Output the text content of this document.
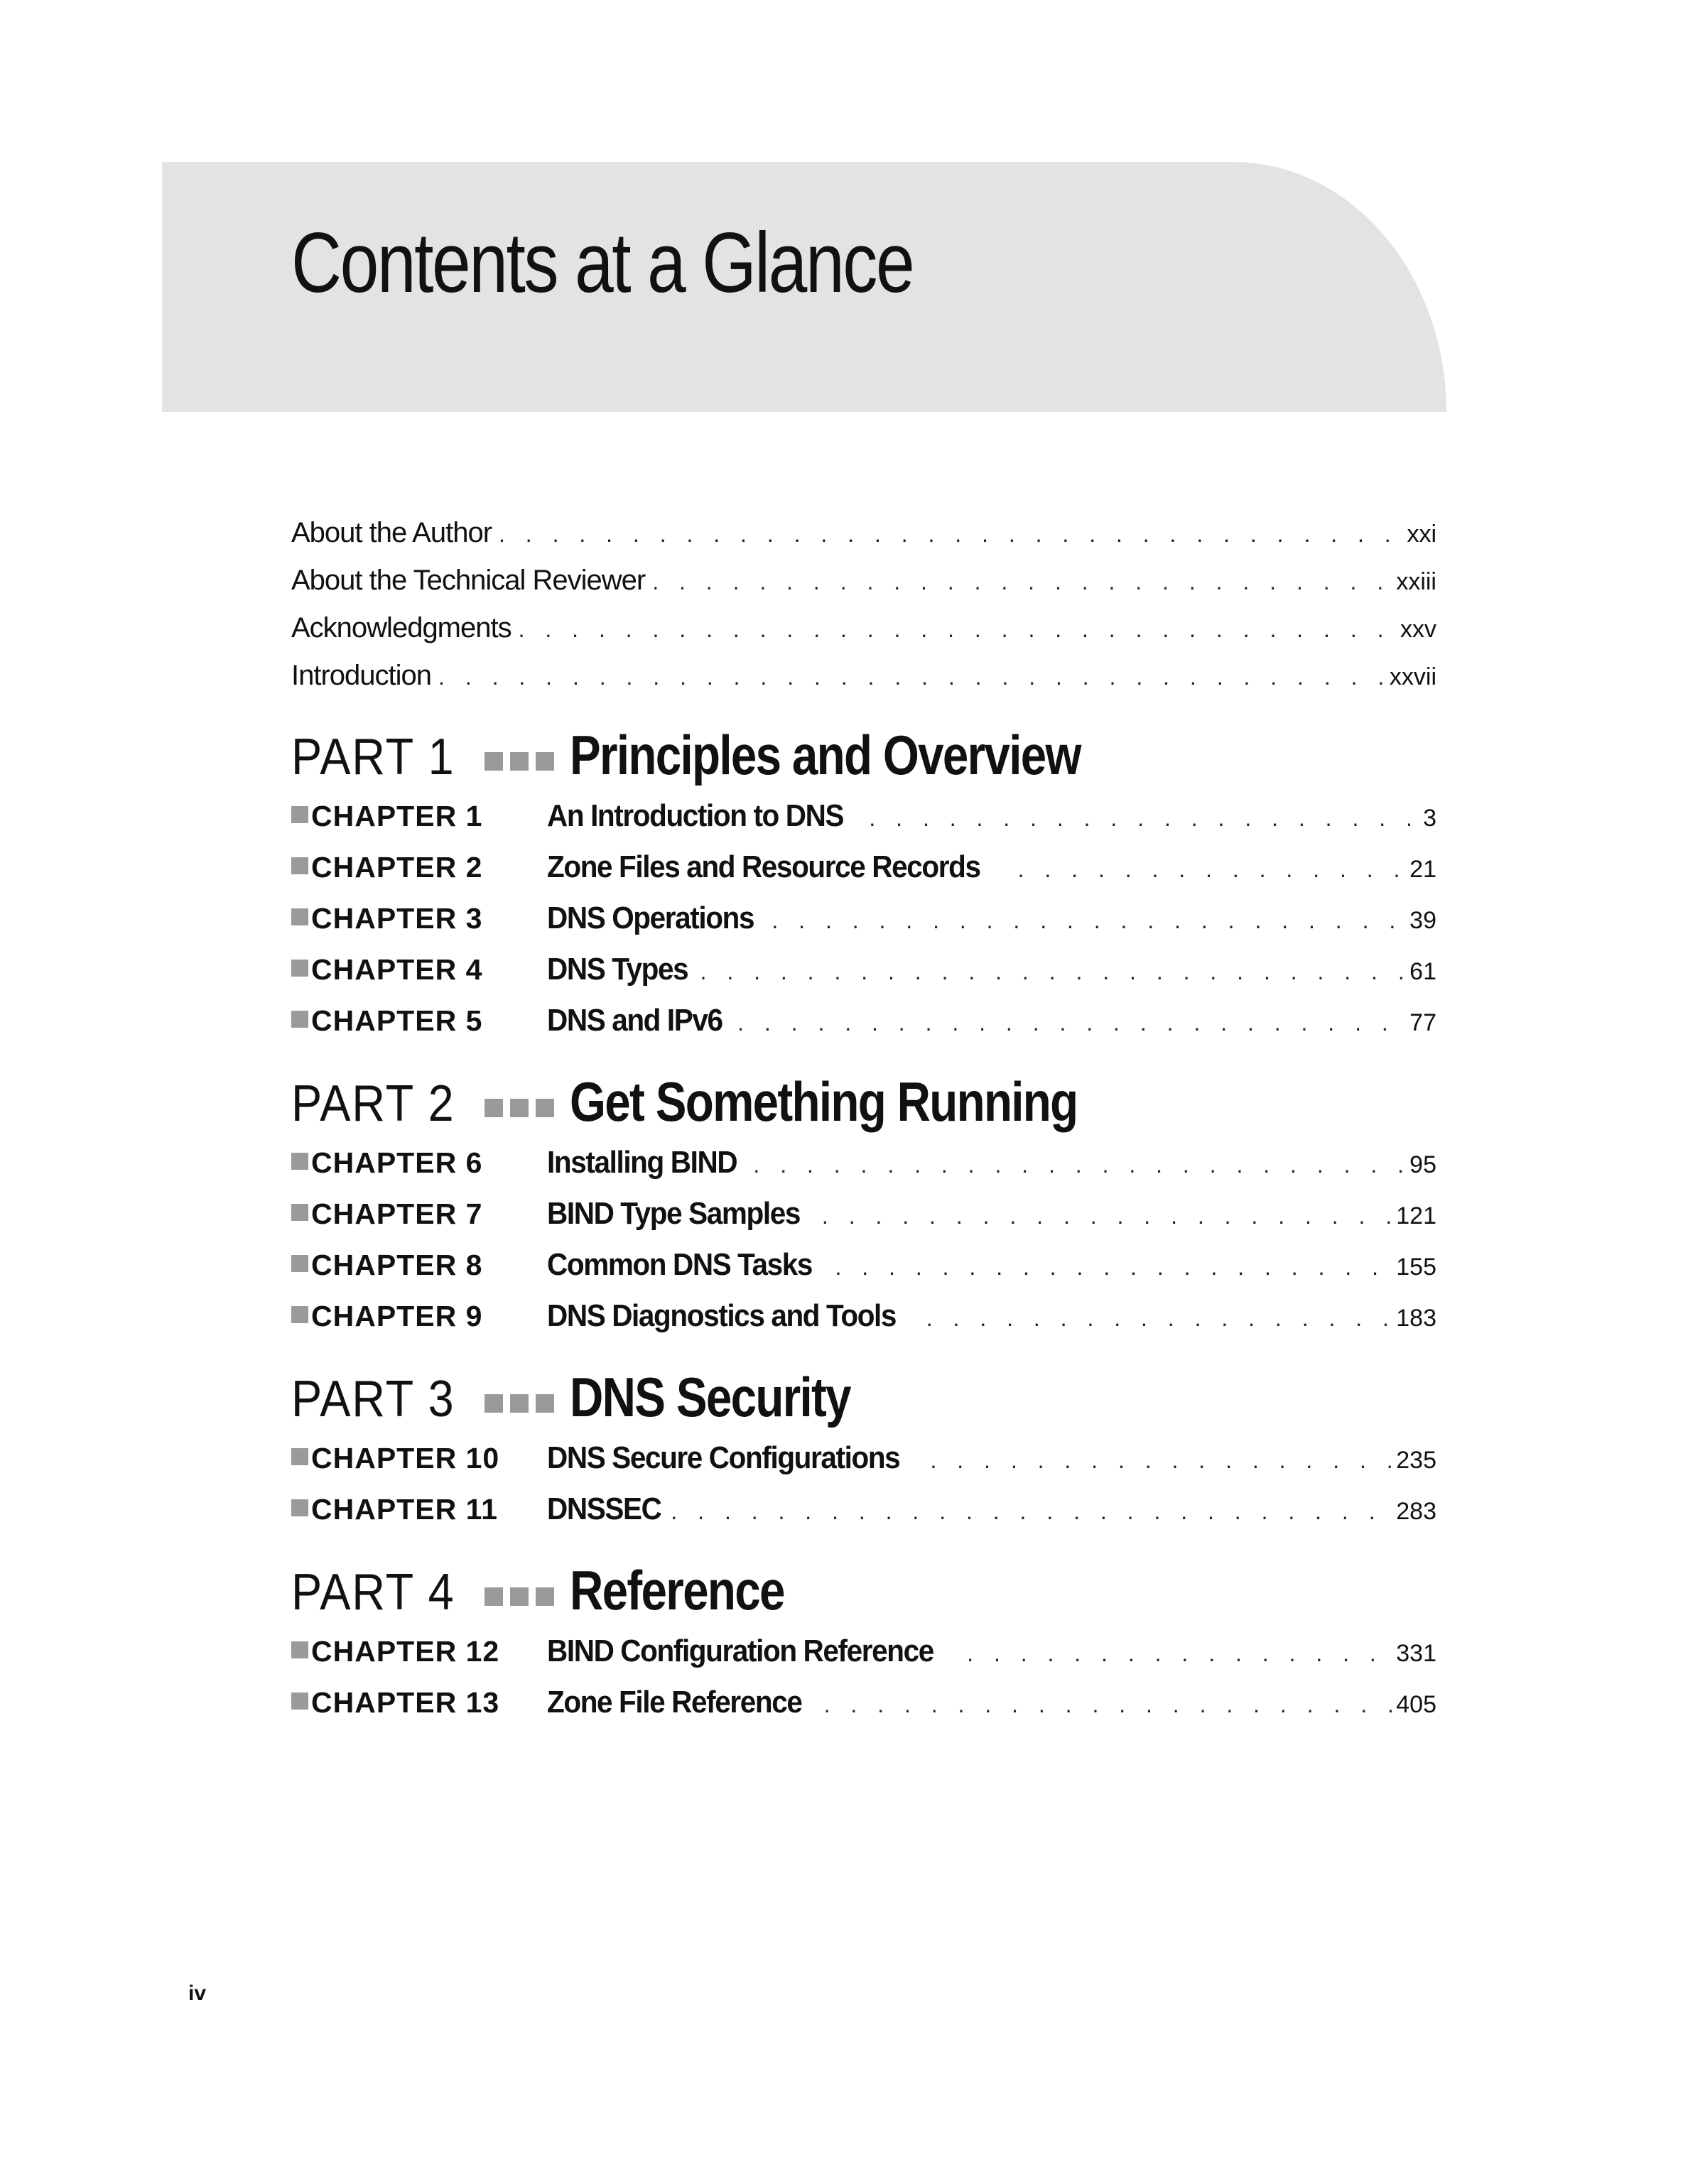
Contents at a Glance
About the Author . . .	xxi
About the Technical Reviewer . . .	xxiii
Acknowledgments . . .	xxv
Introduction . . .	xxvii
PART 1 Principles and Overview
CHAPTER 1	An Introduction to DNS . . .	3
CHAPTER 2	Zone Files and Resource Records . . .	21
CHAPTER 3	DNS Operations . . .	39
CHAPTER 4	DNS Types . . .	61
CHAPTER 5	DNS and IPv6 . . .	77
PART 2 Get Something Running
CHAPTER 6	Installing BIND . . .	95
CHAPTER 7	BIND Type Samples . . .	121
CHAPTER 8	Common DNS Tasks . . .	155
CHAPTER 9	DNS Diagnostics and Tools . . .	183
PART 3 DNS Security
CHAPTER 10	DNS Secure Configurations . . .	235
CHAPTER 11	DNSSEC . . .	283
PART 4 Reference
CHAPTER 12	BIND Configuration Reference . . .	331
CHAPTER 13	Zone File Reference . . .	405
iv
